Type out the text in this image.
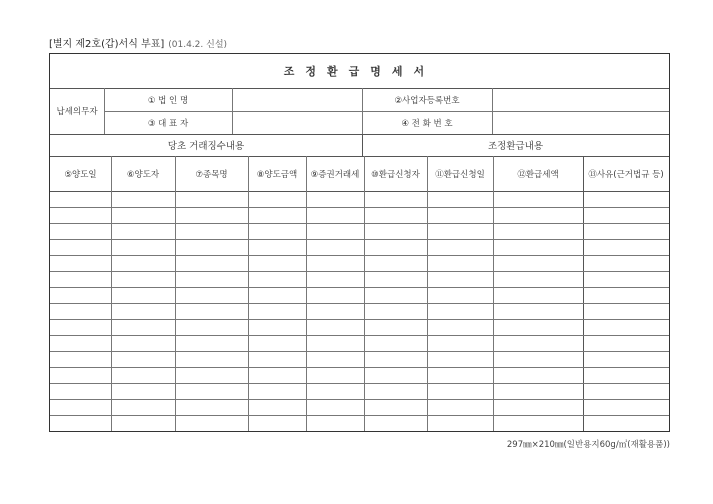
[별지 제2호(갑)서식 부표] (01.4.2. 신설)
조정환급명세서
납세의무자
① 법 인 명	②사업자등록번호
③ 대 표 자	④ 전 화 번 호
당초 거래징수내용	조정환급내용
⑤양도일	⑥양도자	⑦종목명	⑧양도금액	⑨증권거래세	⑩환급신청자	⑪환급신청일	⑫환급세액	⑬사유(근거법규 등)
297㎜×210㎜(일반용지60g/㎡(재활용품))
